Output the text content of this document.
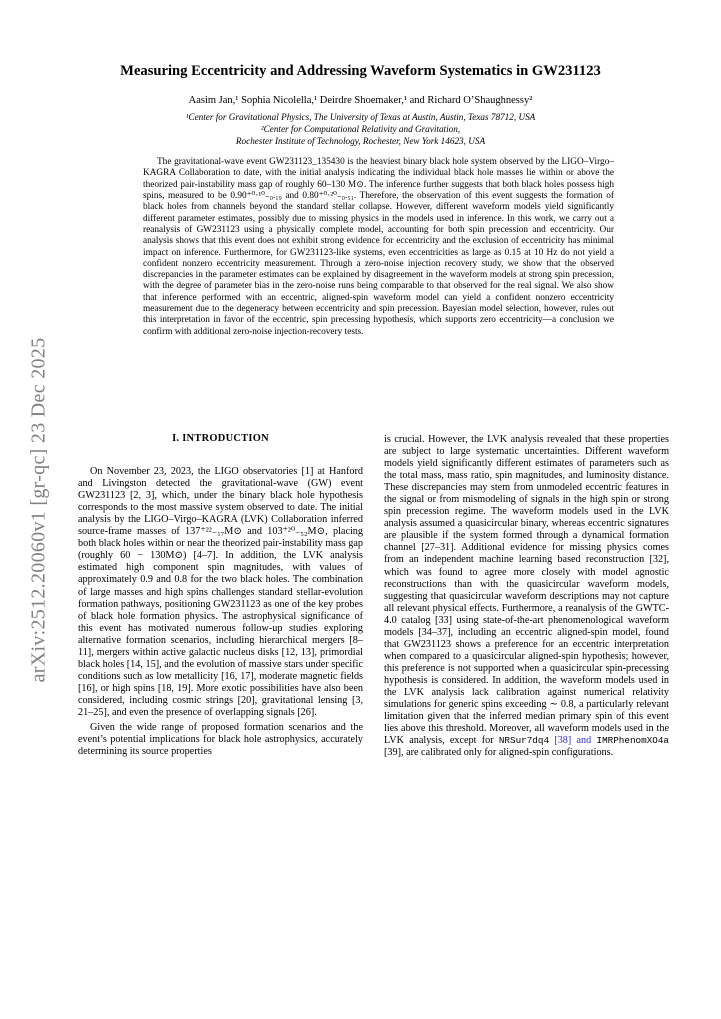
arXiv:2512.20060v1 [gr-qc] 23 Dec 2025
Measuring Eccentricity and Addressing Waveform Systematics in GW231123
Aasim Jan,¹ Sophia Nicolella,¹ Deirdre Shoemaker,¹ and Richard O’Shaughnessy²
¹Center for Gravitational Physics, The University of Texas at Austin, Austin, Texas 78712, USA
²Center for Computational Relativity and Gravitation,
Rochester Institute of Technology, Rochester, New York 14623, USA

The gravitational-wave event GW231123_135430 is the heaviest binary black hole system observed by the LIGO–Virgo–KAGRA Collaboration to date, with the initial analysis indicating the individual black hole masses lie within or above the theorized pair-instability mass gap of roughly 60–130 M⊙. The inference further suggests that both black holes possess high spins, measured to be 0.90⁺⁰·¹⁰₋₀.₁₉ and 0.80⁺⁰·²⁰₋₀.₅₁. Therefore, the observation of this event suggests the formation of black holes from channels beyond the standard stellar collapse. However, different waveform models yield significantly different parameter estimates, possibly due to missing physics in the models used in inference. In this work, we carry out a reanalysis of GW231123 using a physically complete model, accounting for both spin precession and eccentricity. Our analysis shows that this event does not exhibit strong evidence for eccentricity and the exclusion of eccentricity has minimal impact on inference. Furthermore, for GW231123-like systems, even eccentricities as large as 0.15 at 10 Hz do not yield a confident nonzero eccentricity measurement. Through a zero-noise injection recovery study, we show that the observed discrepancies in the parameter estimates can be explained by disagreement in the waveform models at strong spin precession, with the degree of parameter bias in the zero-noise runs being comparable to that observed for the real signal. We also show that inference performed with an eccentric, aligned-spin waveform model can yield a confident nonzero eccentricity measurement due to the degeneracy between eccentricity and spin precession. Bayesian model selection, however, rules out this interpretation in favor of the eccentric, spin precessing hypothesis, which supports zero eccentricity—a conclusion we confirm with additional zero-noise injection-recovery tests.

I. INTRODUCTION

On November 23, 2023, the LIGO observatories [1] at Hanford and Livingston detected the gravitational-wave (GW) event GW231123 [2, 3], which, under the binary black hole hypothesis corresponds to the most massive system observed to date. The initial analysis by the LIGO–Virgo–KAGRA (LVK) Collaboration inferred source-frame masses of 137⁺²²₋₁₇M⊙ and 103⁺²⁰₋₅₂M⊙, placing both black holes within or near the theorized pair-instability mass gap (roughly 60 − 130M⊙) [4–7]. In addition, the LVK analysis estimated high component spin magnitudes, with values of approximately 0.9 and 0.8 for the two black holes. The combination of large masses and high spins challenges standard stellar-evolution formation pathways, positioning GW231123 as one of the key probes of black hole formation physics. The astrophysical significance of this event has motivated numerous follow-up studies exploring alternative formation scenarios, including hierarchical mergers [8–11], mergers within active galactic nucleus disks [12, 13], primordial black holes [14, 15], and the evolution of massive stars under specific conditions such as low metallicity [16, 17], moderate magnetic fields [16], or high spins [18, 19]. More exotic possibilities have also been considered, including cosmic strings [20], gravitational lensing [3, 21–25], and even the presence of overlapping signals [26].

Given the wide range of proposed formation scenarios and the event’s potential implications for black hole astrophysics, accurately determining its source properties

is crucial. However, the LVK analysis revealed that these properties are subject to large systematic uncertainties. Different waveform models yield significantly different estimates of parameters such as the total mass, mass ratio, spin magnitudes, and luminosity distance. These discrepancies may stem from unmodeled eccentric features in the signal or from mismodeling of signals in the high spin or strong spin precession regime. The waveform models used in the LVK analysis assumed a quasicircular binary, whereas eccentric signatures are plausible if the system formed through a dynamical formation channel [27–31]. Additional evidence for missing physics comes from an independent machine learning based reconstruction [32], which was found to agree more closely with model agnostic reconstructions than with the quasicircular waveform models, suggesting that quasicircular waveform descriptions may not capture all relevant physical effects. Furthermore, a reanalysis of the GWTC-4.0 catalog [33] using state-of-the-art phenomenological waveform models [34–37], including an eccentric aligned-spin model, found that GW231123 shows a preference for an eccentric interpretation when compared to a quasicircular aligned-spin hypothesis; however, this preference is not supported when a quasicircular spin-precessing hypothesis is considered. In addition, the waveform models used in the LVK analysis lack calibration against numerical relativity simulations for generic spins exceeding ∼ 0.8, a particularly relevant limitation given that the inferred median primary spin of this event lies above this threshold. Moreover, all waveform models used in the LVK analysis, except for NRSur7dq4 [38] and IMRPhenomXO4a [39], are calibrated only for aligned-spin configurations.
